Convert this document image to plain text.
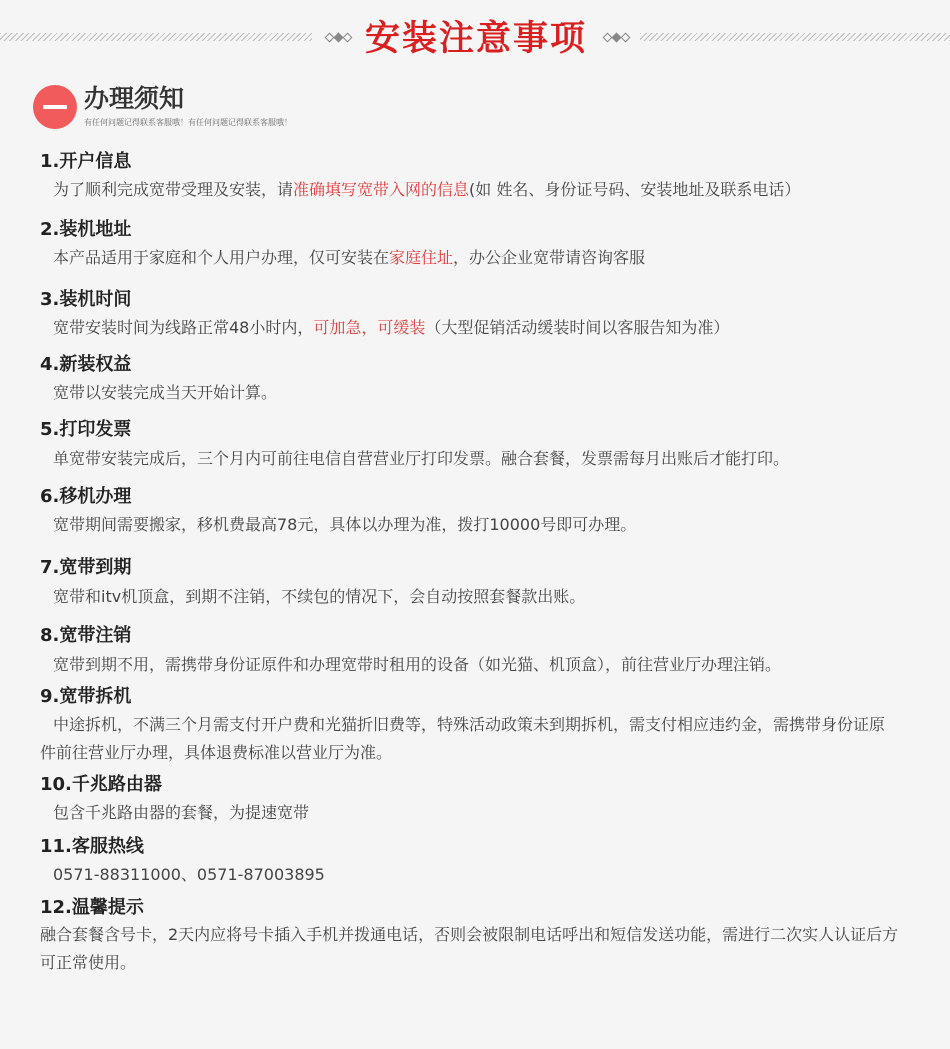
安装注意事项
办理须知
有任何问题记得联系客服哦！有任何问题记得联系客服哦！
1.开户信息
为了顺利完成宽带受理及安装，请准确填写宽带入网的信息(如 姓名、身份证号码、安装地址及联系电话）
2.装机地址
本产品适用于家庭和个人用户办理，仅可安装在家庭住址，办公企业宽带请咨询客服
3.装机时间
宽带安装时间为线路正常48小时内，可加急，可缓装（大型促销活动缓装时间以客服告知为准）
4.新装权益
宽带以安装完成当天开始计算。
5.打印发票
单宽带安装完成后，三个月内可前往电信自营营业厅打印发票。融合套餐，发票需每月出账后才能打印。
6.移机办理
宽带期间需要搬家，移机费最高78元，具体以办理为准，拨打10000号即可办理。
7.宽带到期
宽带和itv机顶盒，到期不注销，不续包的情况下，会自动按照套餐款出账。
8.宽带注销
宽带到期不用，需携带身份证原件和办理宽带时租用的设备（如光猫、机顶盒），前往营业厅办理注销。
9.宽带拆机
中途拆机，不满三个月需支付开户费和光猫折旧费等，特殊活动政策未到期拆机，需支付相应违约金，需携带身份证原件前往营业厅办理，具体退费标准以营业厅为准。
10.千兆路由器
包含千兆路由器的套餐，为提速宽带
11.客服热线
0571-88311000、0571-87003895
12.温馨提示
融合套餐含号卡，2天内应将号卡插入手机并拨通电话，否则会被限制电话呼出和短信发送功能，需进行二次实人认证后方可正常使用。
